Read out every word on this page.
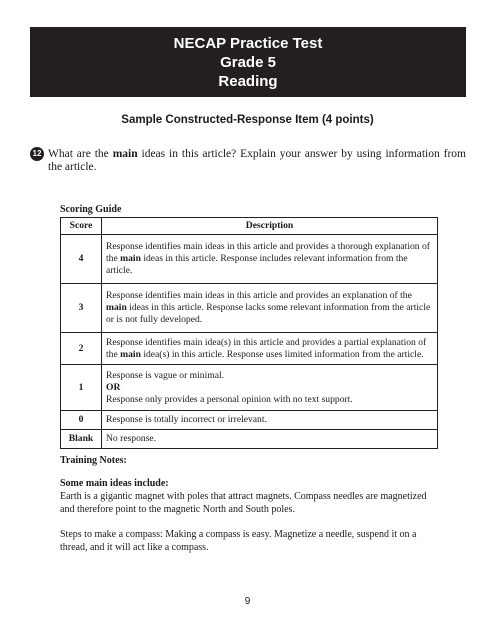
NECAP Practice Test
Grade 5
Reading
Sample Constructed-Response Item (4 points)
12 What are the main ideas in this article? Explain your answer by using information from the article.
Scoring Guide
Score	Description
4	Response identifies main ideas in this article and provides a thorough explanation of the main ideas in this article. Response includes relevant information from the article.
3	Response identifies main ideas in this article and provides an explanation of the main ideas in this article. Response lacks some relevant information from the article or is not fully developed.
2	Response identifies main idea(s) in this article and provides a partial explanation of the main idea(s) in this article. Response uses limited information from the article.
1	Response is vague or minimal.
OR
Response only provides a personal opinion with no text support.

0	Response is totally incorrect or irrelevant.
Blank	No response.
Training Notes:
Some main ideas include:

Earth is a gigantic magnet with poles that attract magnets. Compass needles are magnetized and therefore point to the magnetic North and South poles.

Steps to make a compass: Making a compass is easy. Magnetize a needle, suspend it on a thread, and it will act like a compass.

9
